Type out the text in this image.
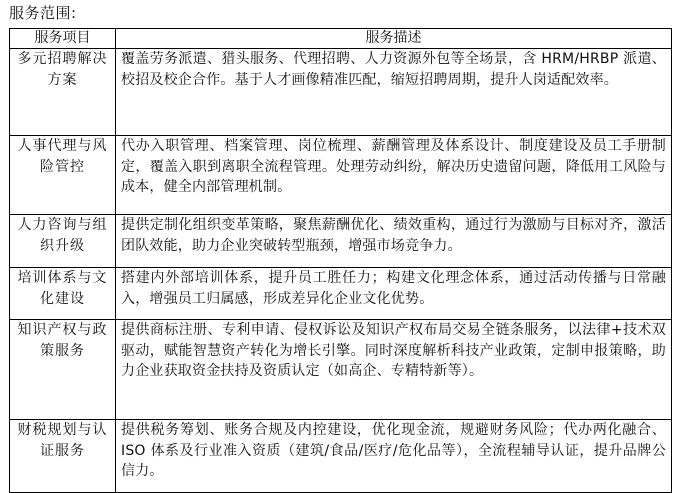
服务范围:
服务项目	服务描述
多元招聘解决方案	覆盖劳务派遣、猎头服务、代理招聘、人力资源外包等全场景，含 HRM/HRBP 派遣、校招及校企合作。基于人才画像精准匹配，缩短招聘周期，提升人岗适配效率。
人事代理与风险管控	代办入职管理、档案管理、岗位梳理、薪酬管理及体系设计、制度建设及员工手册制定，覆盖入职到离职全流程管理。处理劳动纠纷，解决历史遗留问题，降低用工风险与成本，健全内部管理机制。
人力咨询与组织升级	提供定制化组织变革策略，聚焦薪酬优化、绩效重构，通过行为激励与目标对齐，激活团队效能，助力企业突破转型瓶颈，增强市场竞争力。
培训体系与文化建设	搭建内外部培训体系，提升员工胜任力；构建文化理念体系，通过活动传播与日常融入，增强员工归属感，形成差异化企业文化优势。
知识产权与政策服务	提供商标注册、专利申请、侵权诉讼及知识产权布局交易全链条服务，以法律+技术双驱动，赋能智慧资产转化为增长引擎。同时深度解析科技产业政策，定制申报策略，助力企业获取资金扶持及资质认定（如高企、专精特新等）。
财税规划与认证服务	提供税务筹划、账务合规及内控建设，优化现金流，规避财务风险；代办两化融合、ISO 体系及行业准入资质（建筑/食品/医疗/危化品等），全流程辅导认证，提升品牌公信力。
